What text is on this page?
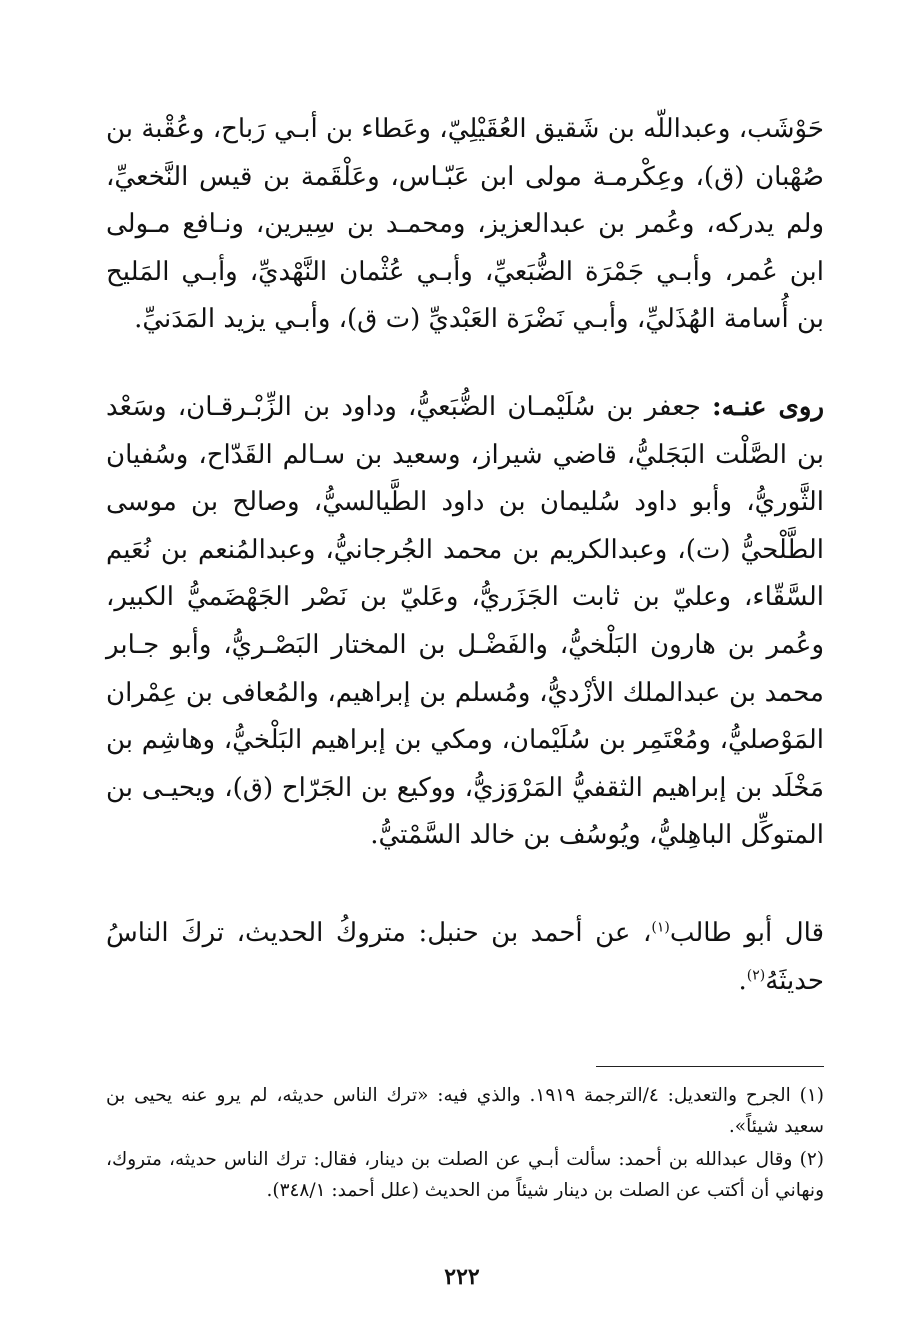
حَوْشَب، وعبداللّه بن شَقيق العُقَيْلِيّ، وعَطاء بن أبـي رَباح، وعُقْبة بن صُهْبان (ق)، وعِكْرمـة مولى ابن عَبّـاس، وعَلْقَمة بن قيس النَّخعيِّ، ولم يدركه، وعُمر بن عبدالعزيز، ومحمـد بن سِيرين، ونـافع مـولى ابن عُمر، وأبـي جَمْرَة الضُّبَعيِّ، وأبـي عُثْمان النَّهْديِّ، وأبـي المَليح بن أُسامة الهُذَليِّ، وأبـي نَضْرَة العَبْديِّ (ت ق)، وأبـي يزيد المَدَنيِّ.

روى عنـه: جعفر بن سُلَيْمـان الضُّبَعيُّ، وداود بن الزِّبْـرقـان، وسَعْد بن الصَّلْت البَجَليُّ، قاضي شيراز، وسعيد بن سـالم القَدّاح، وسُفيان الثَّوريُّ، وأبو داود سُليمان بن داود الطَّيالسيُّ، وصالح بن موسى الطَّلْحيُّ (ت)، وعبدالكريم بن محمد الجُرجانيُّ، وعبدالمُنعم بن نُعَيم السَّقّاء، وعليّ بن ثابت الجَزَريُّ، وعَليّ بن نَصْر الجَهْضَميُّ الكبير، وعُمر بن هارون البَلْخيُّ، والفَضْـل بن المختار البَصْـريُّ، وأبو جـابر محمد بن عبدالملك الأزْديُّ، ومُسلم بن إبراهيم، والمُعافى بن عِمْران المَوْصليُّ، ومُعْتَمِر بن سُلَيْمان، ومكي بن إبراهيم البَلْخيُّ، وهاشِم بن مَخْلَد بن إبراهيم الثقفيُّ المَرْوَزيُّ، ووكيع بن الجَرّاح (ق)، ويحيـى بن المتوكِّل الباهِليُّ، ويُوسُف بن خالد السَّمْتيُّ.

قال أبو طالب$^{(١)}$، عن أحمد بن حنبل: متروكُ الحديث، تركَ الناسُ حديثَهُ$^{(٢)}$.

(١) الجرح والتعديل: ٤/الترجمة ١٩١٩. والذي فيه: «ترك الناس حديثه، لم يرو عنه يحيى بن سعيد شيئاً».

(٢) وقال عبدالله بن أحمد: سألت أبـي عن الصلت بن دينار، فقال: ترك الناس حديثه، متروك، ونهاني أن أكتب عن الصلت بن دينار شيئاً من الحديث (علل أحمد: ٣٤٨/١).

٢٢٢
